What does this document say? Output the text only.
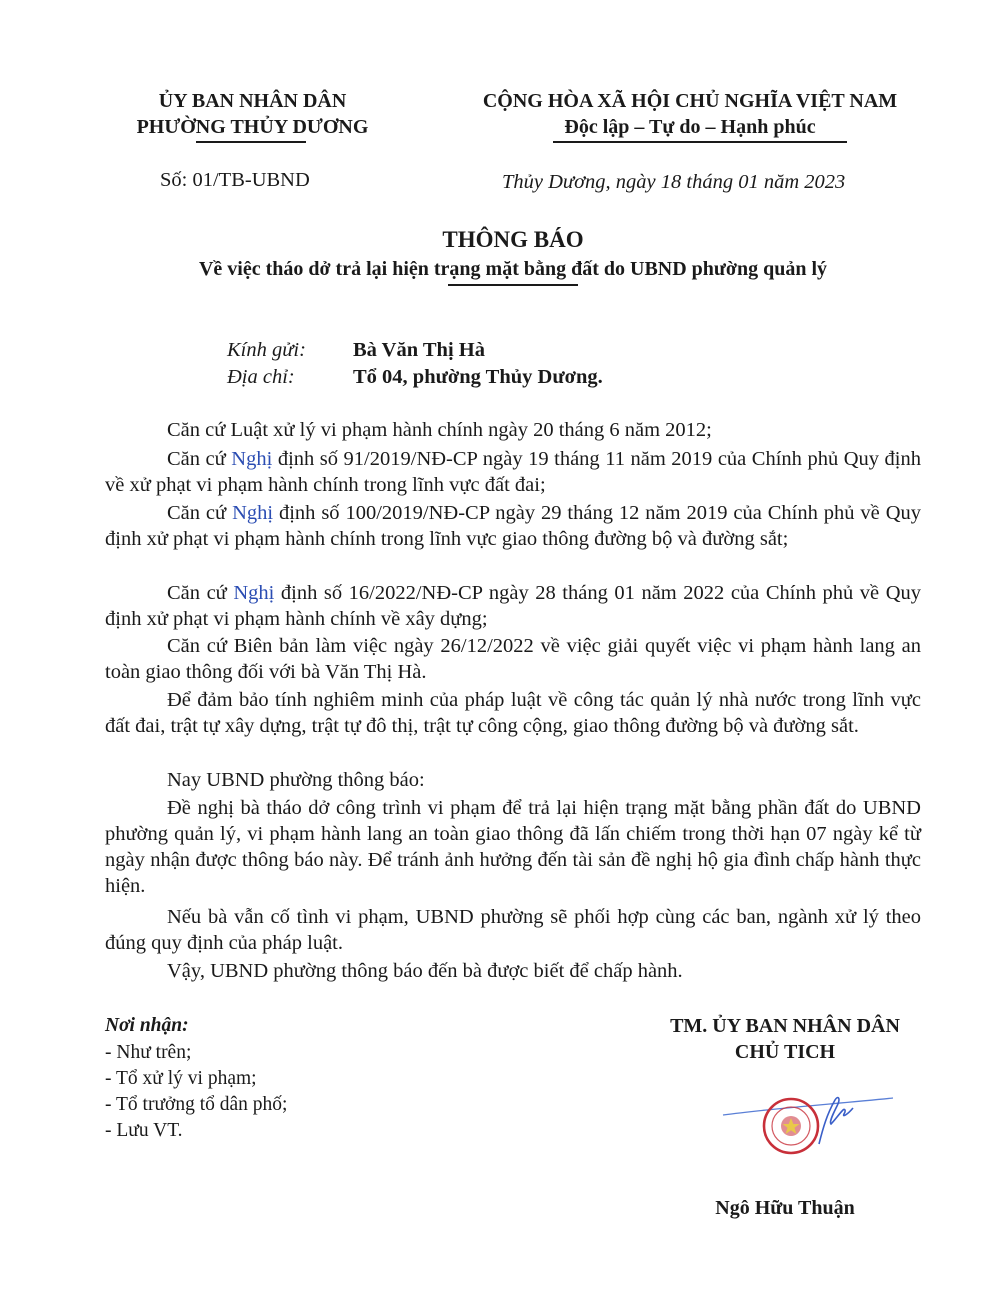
ỦY BAN NHÂN DÂN
PHƯỜNG THỦY DƯƠNG
CỘNG HÒA XÃ HỘI CHỦ NGHĨA VIỆT NAM
Độc lập – Tự do – Hạnh phúc
Số: 01/TB-UBND	Thủy Dương, ngày 18 tháng 01 năm 2023
THÔNG BÁO
Về việc tháo dở trả lại hiện trạng mặt bằng đất do UBND phường quản lý
Kính gửi: Bà Văn Thị Hà
Địa chỉ:	Tổ 04, phường Thủy Dương.
Căn cứ Luật xử lý vi phạm hành chính ngày 20 tháng 6 năm 2012;
Căn cứ Nghị định số 91/2019/NĐ-CP ngày 19 tháng 11 năm 2019 của Chính phủ Quy định về xử phạt vi phạm hành chính trong lĩnh vực đất đai;
Căn cứ Nghị định số 100/2019/NĐ-CP ngày 29 tháng 12 năm 2019 của Chính phủ về Quy định xử phạt vi phạm hành chính trong lĩnh vực giao thông đường bộ và đường sắt;
Căn cứ Nghị định số 16/2022/NĐ-CP ngày 28 tháng 01 năm 2022 của Chính phủ về Quy định xử phạt vi phạm hành chính về xây dựng;
Căn cứ Biên bản làm việc ngày 26/12/2022 về việc giải quyết việc vi phạm hành lang an toàn giao thông đối với bà Văn Thị Hà.
Để đảm bảo tính nghiêm minh của pháp luật về công tác quản lý nhà nước trong lĩnh vực đất đai, trật tự xây dựng, trật tự đô thị, trật tự công cộng, giao thông đường bộ và đường sắt.
Nay UBND phường thông báo:
Đề nghị bà tháo dở công trình vi phạm để trả lại hiện trạng mặt bằng phần đất do UBND phường quản lý, vi phạm hành lang an toàn giao thông đã lấn chiếm trong thời hạn 07 ngày kể từ ngày nhận được thông báo này. Để tránh ảnh hưởng đến tài sản đề nghị hộ gia đình chấp hành thực hiện.
Nếu bà vẫn cố tình vi phạm, UBND phường sẽ phối hợp cùng các ban, ngành xử lý theo đúng quy định của pháp luật.
Vậy, UBND phường thông báo đến bà được biết để chấp hành.
Nơi nhận:
- Như trên;
- Tổ xử lý vi phạm;
- Tổ trưởng tổ dân phố;
- Lưu VT.
TM. ỦY BAN NHÂN DÂN
CHỦ TICH
Ngô Hữu Thuận
